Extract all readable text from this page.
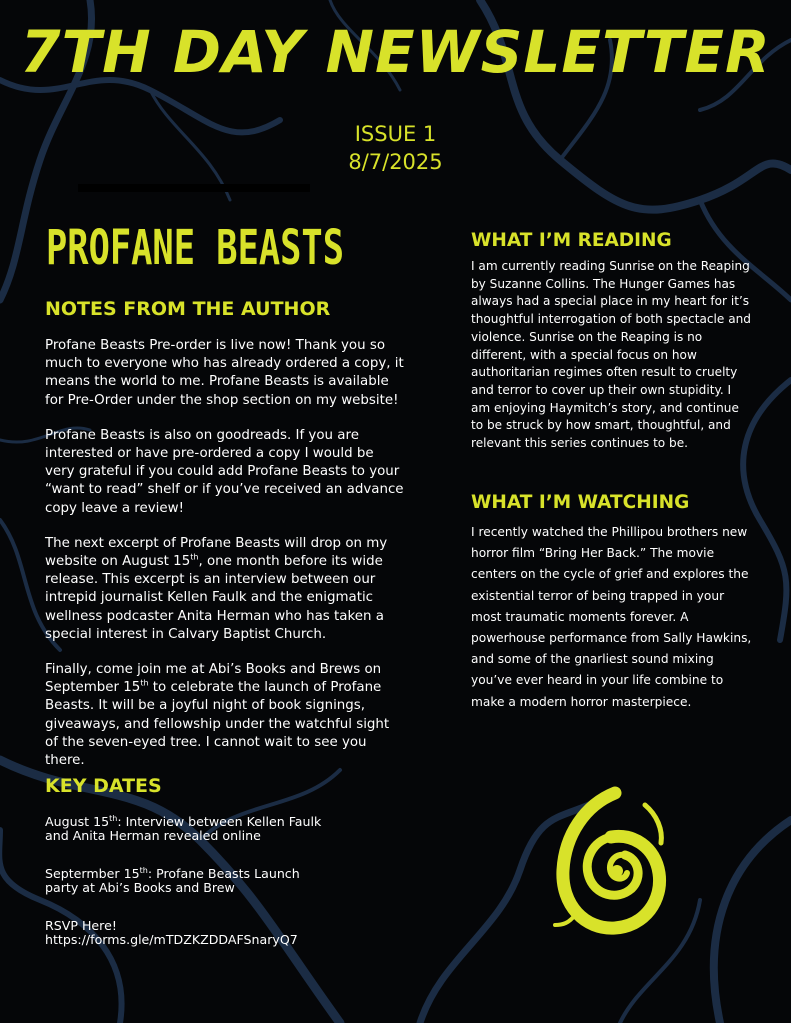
7TH DAY NEWSLETTER
ISSUE 1
8/7/2025
PROFANE BEASTS
NOTES FROM THE AUTHOR

Profane Beasts Pre-order is live now! Thank you so much to everyone who has already ordered a copy, it means the world to me. Profane Beasts is available for Pre-Order under the shop section on my website!

Profane Beasts is also on goodreads. If you are interested or have pre-ordered a copy I would be very grateful if you could add Profane Beasts to your “want to read” shelf or if you’ve received an advance copy leave a review!

The next excerpt of Profane Beasts will drop on my website on August 15th, one month before its wide release. This excerpt is an interview between our intrepid journalist Kellen Faulk and the enigmatic wellness podcaster Anita Herman who has taken a special interest in Calvary Baptist Church.

Finally, come join me at Abi’s Books and Brews on September 15th to celebrate the launch of Profane Beasts. It will be a joyful night of book signings, giveaways, and fellowship under the watchful sight of the seven-eyed tree. I cannot wait to see you there.

KEY DATES
August 15th: Interview between Kellen Faulk and Anita Herman revealed online
Septermber 15th: Profane Beasts Launch party at Abi’s Books and Brew
RSVP Here!
https://forms.gle/mTDZKZDDAFSnaryQ7
WHAT I’M READING
I am currently reading Sunrise on the Reaping by Suzanne Collins. The Hunger Games has always had a special place in my heart for it’s thoughtful interrogation of both spectacle and violence. Sunrise on the Reaping is no different, with a special focus on how authoritarian regimes often result to cruelty and terror to cover up their own stupidity. I am enjoying Haymitch’s story, and continue to be struck by how smart, thoughtful, and relevant this series continues to be.
WHAT I’M WATCHING
I recently watched the Phillipou brothers new horror film “Bring Her Back.” The movie centers on the cycle of grief and explores the existential terror of being trapped in your most traumatic moments forever. A powerhouse performance from Sally Hawkins, and some of the gnarliest sound mixing you’ve ever heard in your life combine to make a modern horror masterpiece.
